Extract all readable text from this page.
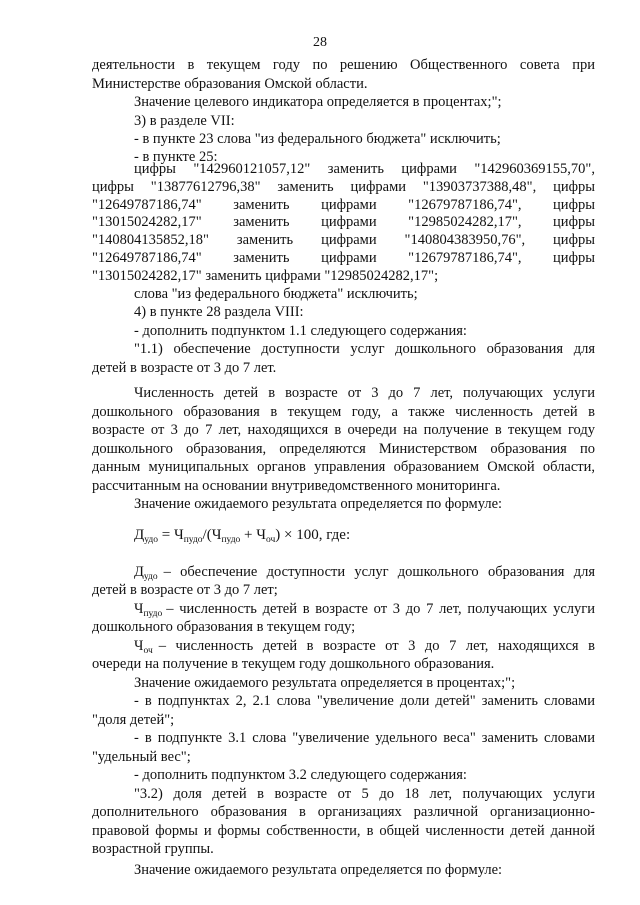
28
деятельности в текущем году по решению Общественного совета при
Министерстве образования Омской области.
Значение целевого индикатора определяется в процентах;";
3) в разделе VII:
- в пункте 23 слова "из федерального бюджета" исключить;
- в пункте 25:
цифры "142960121057,12" заменить цифрами "142960369155,70",
цифры "13877612796,38" заменить цифрами "13903737388,48", цифры
"12649787186,74" заменить цифрами "12679787186,74", цифры
"13015024282,17" заменить цифрами "12985024282,17", цифры
"140804135852,18" заменить цифрами "140804383950,76", цифры
"12649787186,74" заменить цифрами "12679787186,74", цифры
"13015024282,17" заменить цифрами "12985024282,17";
слова "из федерального бюджета" исключить;
4) в пункте 28 раздела VIII:
- дополнить подпунктом 1.1 следующего содержания:
"1.1) обеспечение доступности услуг дошкольного образования для
детей в возрасте от 3 до 7 лет.
Численность детей в возрасте от 3 до 7 лет, получающих услуги
дошкольного образования в текущем году, а также численность детей в
возрасте от 3 до 7 лет, находящихся в очереди на получение в текущем году
дошкольного образования, определяются Министерством образования по
данным муниципальных органов управления образованием Омской области,
рассчитанным на основании внутриведомственного мониторинга.
$Д_{удо} = Ч_{пудо}/(Ч_{пудо} + Ч_{оч}) \times 100$, где:
Значение ожидаемого результата определяется по формуле:
$Д_{удо}$ – обеспечение доступности услуг дошкольного образования для
детей в возрасте от 3 до 7 лет;
$Ч_{пудо}$ – численность детей в возрасте от 3 до 7 лет, получающих услуги
дошкольного образования в текущем году;
$Ч_{оч}$ – численность детей в возрасте от 3 до 7 лет, находящихся в
очереди на получение в текущем году дошкольного образования.
Значение ожидаемого результата определяется в процентах;";
- в подпунктах 2, 2.1 слова "увеличение доли детей" заменить словами
"доля детей";
- в подпункте 3.1 слова "увеличение удельного веса" заменить словами
"удельный вес";
- дополнить подпунктом 3.2 следующего содержания:
"3.2) доля детей в возрасте от 5 до 18 лет, получающих услуги
дополнительного образования в организациях различной организационно-
правовой формы и формы собственности, в общей численности детей данной
возрастной группы.
Значение ожидаемого результата определяется по формуле:
